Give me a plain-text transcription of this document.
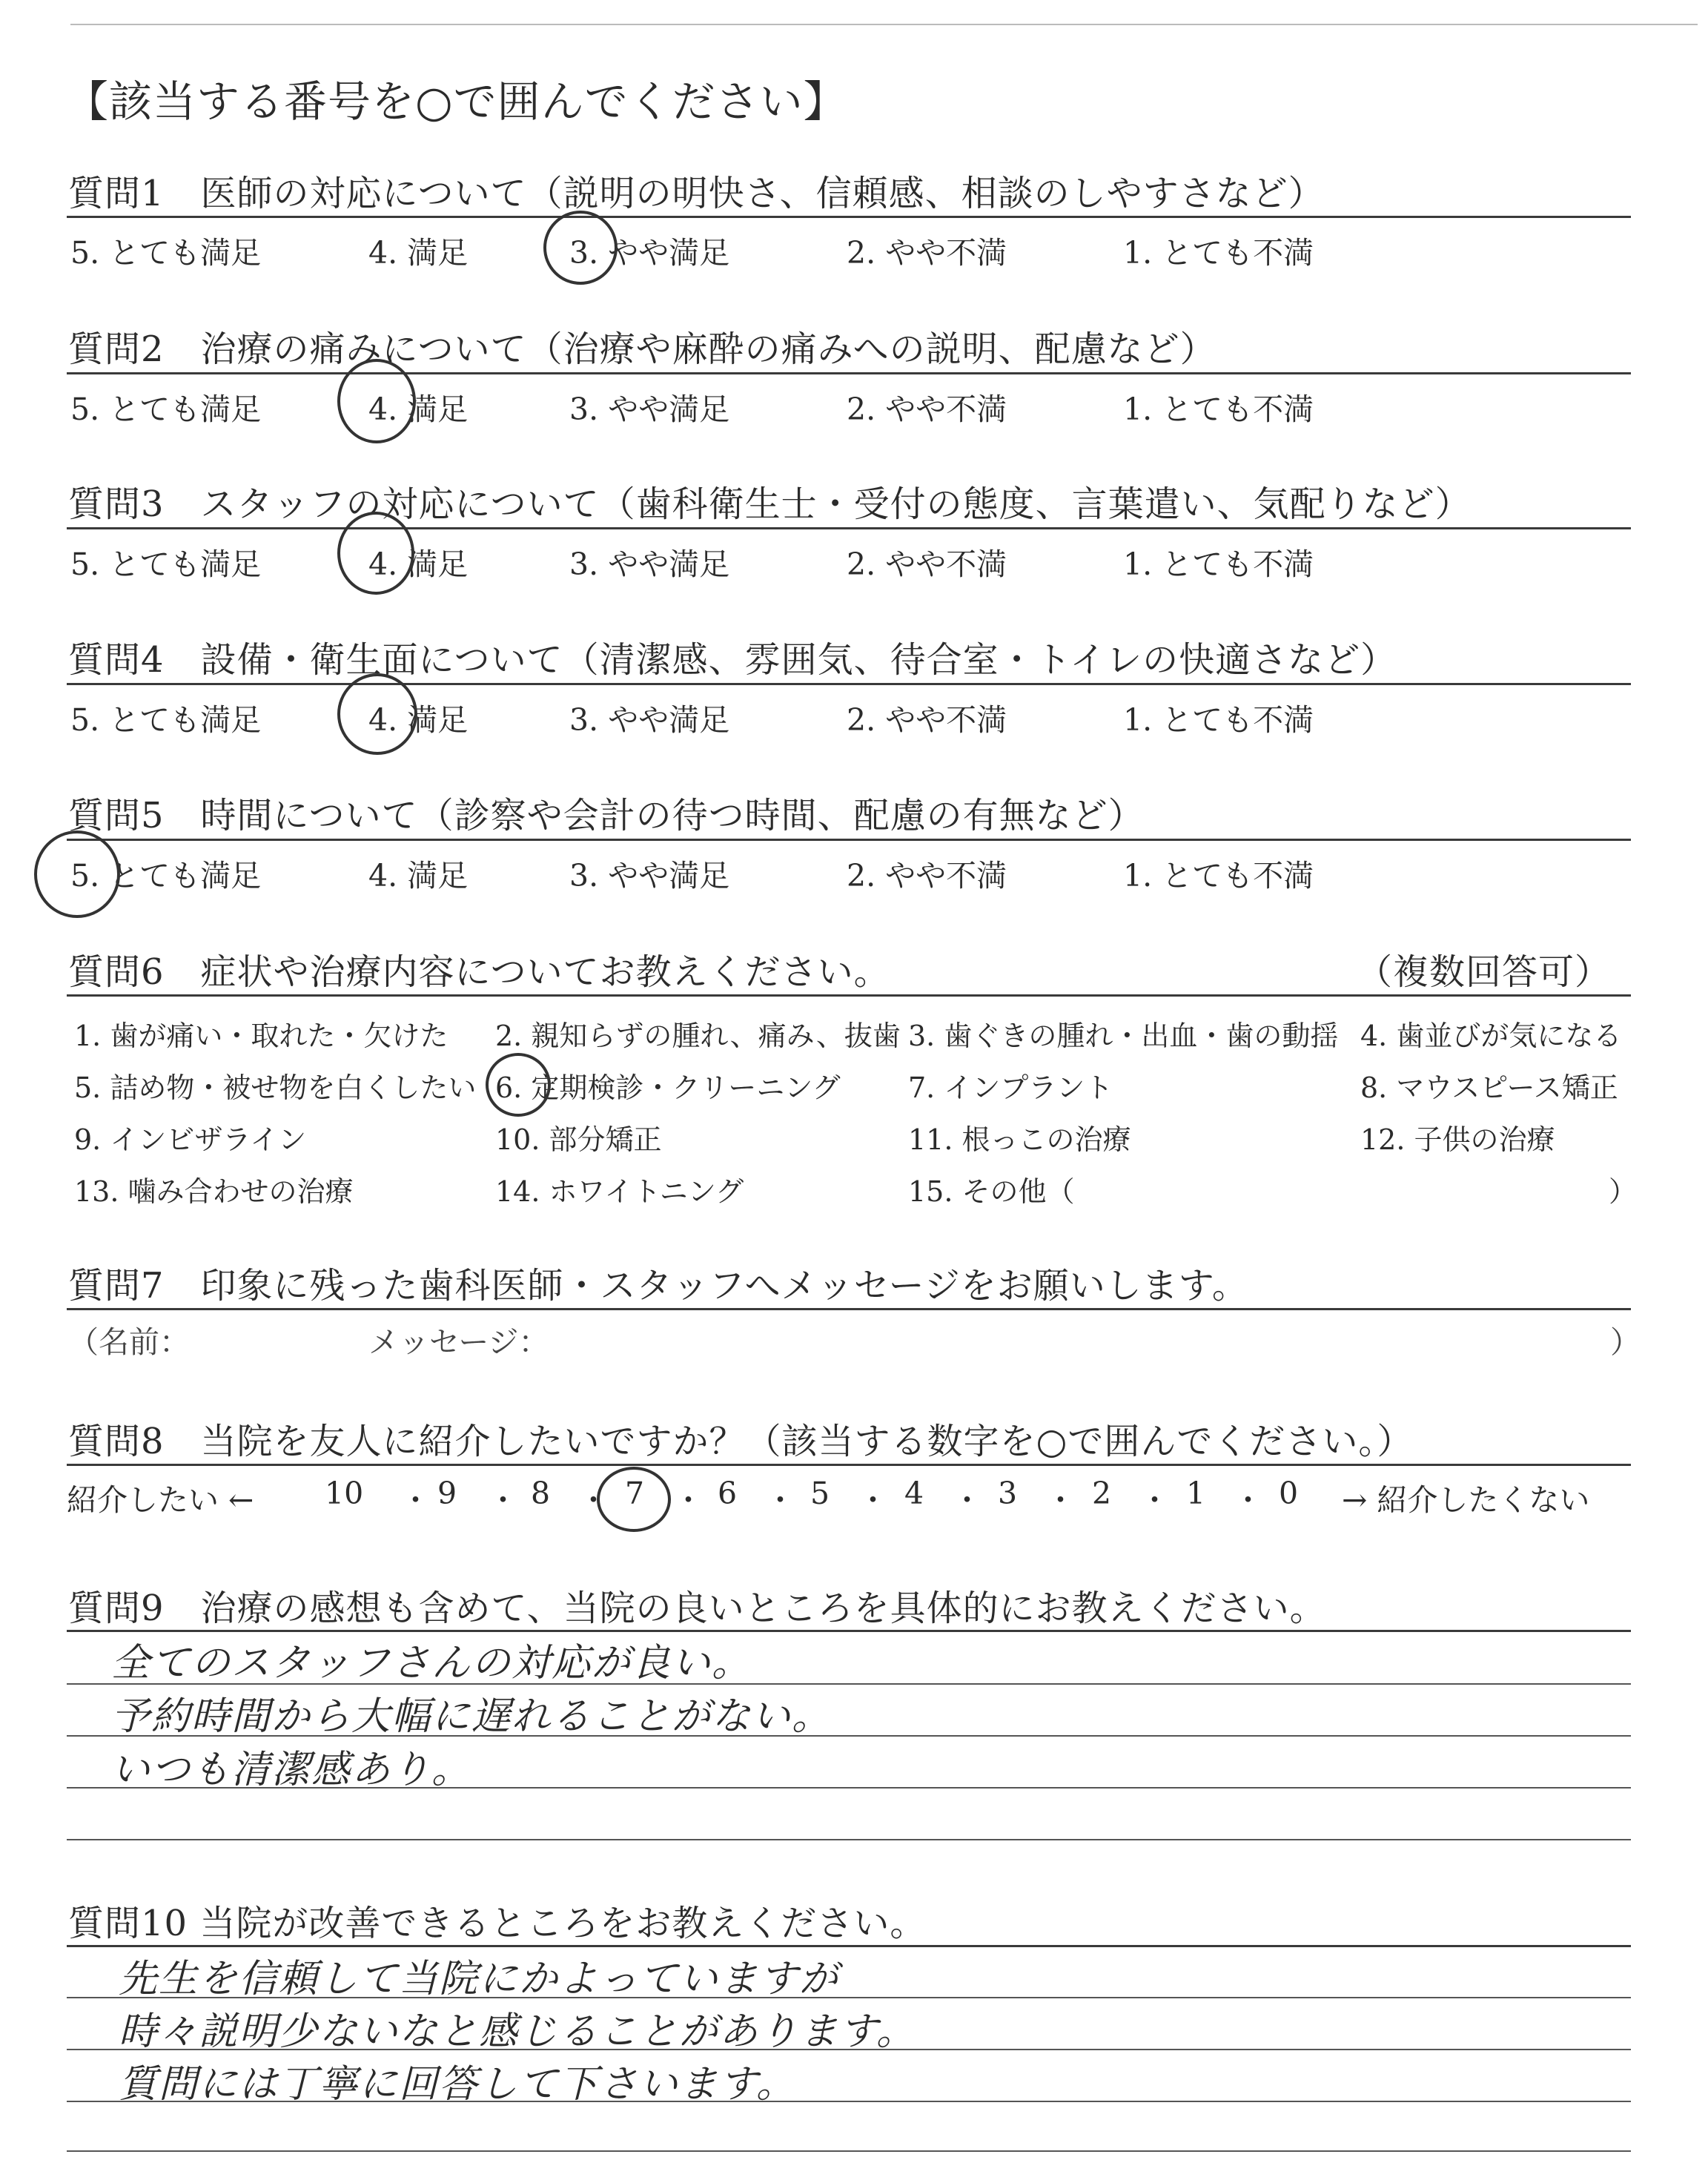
【該当する番号を○で囲んでください】
質問1　医師の対応について（説明の明快さ、信頼感、相談のしやすさなど）
5. とても満足	4. 満足	3. やや満足	2. やや不満	1. とても不満
質問2　治療の痛みについて（治療や麻酔の痛みへの説明、配慮など）
5. とても満足	4. 満足	3. やや満足	2. やや不満	1. とても不満
質問3　スタッフの対応について（歯科衛生士・受付の態度、言葉遣い、気配りなど）
5. とても満足	4. 満足	3. やや満足	2. やや不満	1. とても不満
質問4　設備・衛生面について（清潔感、雰囲気、待合室・トイレの快適さなど）
5. とても満足	4. 満足	3. やや満足	2. やや不満	1. とても不満
質問5　時間について（診察や会計の待つ時間、配慮の有無など）
5. とても満足	4. 満足	3. やや満足	2. やや不満	1. とても不満
質問6　症状や治療内容についてお教えください。	（複数回答可）
1. 歯が痛い・取れた・欠けた 2. 親知らずの腫れ、痛み、抜歯 3. 歯ぐきの腫れ・出血・歯の動揺 4. 歯並びが気になる
5. 詰め物・被せ物を白くしたい 6. 定期検診・クリーニング 7. インプラント	8. マウスピース矯正
9. インビザライン	10. 部分矯正	11. 根っこの治療	12. 子供の治療
13. 噛み合わせの治療	14. ホワイトニング	15. その他（	）
質問7　印象に残った歯科医師・スタッフへメッセージをお願いします。
（名前：	メッセージ：	）
質問8　当院を友人に紹介したいですか？（該当する数字を○で囲んでください。）
紹介したい ← 10 ・ 9 ・ 8 ・ 7 ・ 6 ・ 5 ・ 4 ・ 3 ・ 2 ・ 1 ・ 0 → 紹介したくない
質問9　治療の感想も含めて、当院の良いところを具体的にお教えください。
全てのスタッフさんの対応が良い。
予約時間から大幅に遅れることがない。
いつも清潔感あり。
質問10 当院が改善できるところをお教えください。
先生を信頼して当院にかよっていますが
時々説明少ないなと感じることがあります。
質問には丁寧に回答して下さいます。
